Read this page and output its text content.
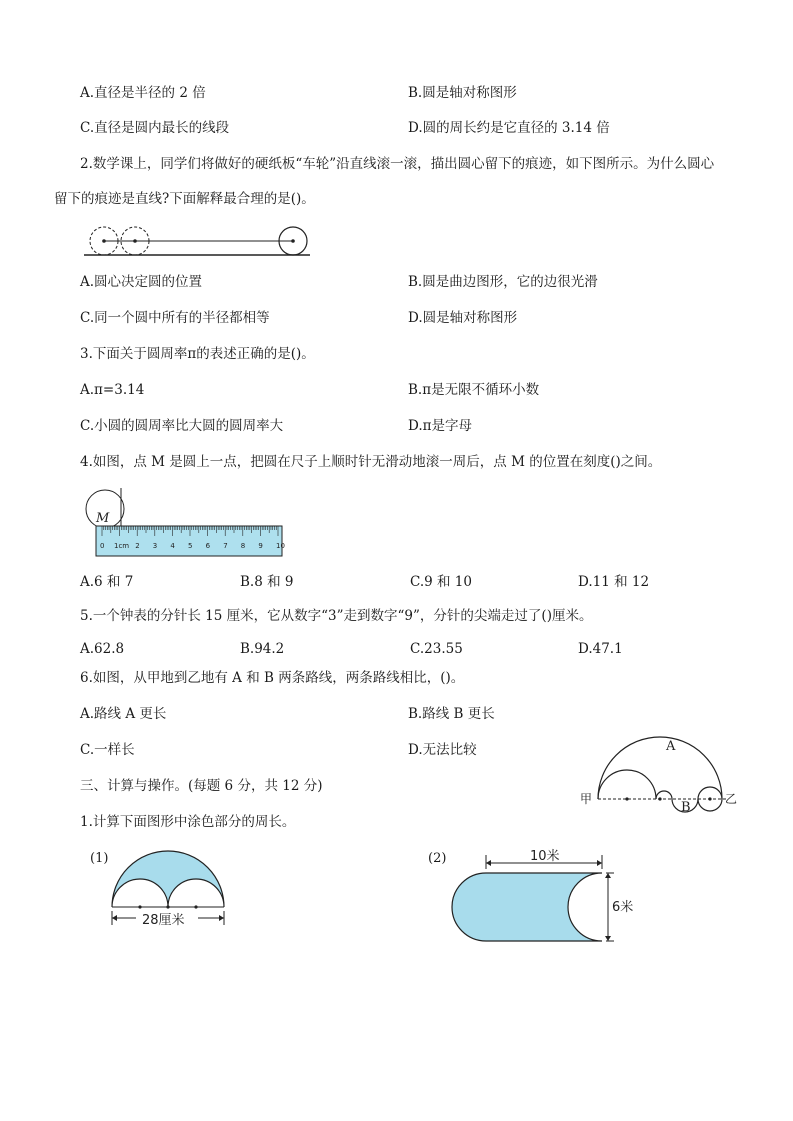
A.直径是半径的 2 倍	B.圆是轴对称图形
C.直径是圆内最长的线段	D.圆的周长约是它直径的 3.14 倍
2.数学课上，同学们将做好的硬纸板“车轮”沿直线滚一滚，描出圆心留下的痕迹，如下图所示。为什么圆心
留下的痕迹是直线?下面解释最合理的是()。
A.圆心决定圆的位置	B.圆是曲边图形，它的边很光滑
C.同一个圆中所有的半径都相等	D.圆是轴对称图形
3.下面关于圆周率π的表述正确的是()。
A.π=3.14	B.π是无限不循环小数
C.小圆的圆周率比大圆的圆周率大	D.π是字母
4.如图，点 M 是圆上一点，把圆在尺子上顺时针无滑动地滚一周后，点 M 的位置在刻度()之间。
M
0	2 3 4 5 6 7 8 9 10
1cm
A.6 和 7	B.8 和 9	C.9 和 10	D.11 和 12
5.一个钟表的分针长 15 厘米，它从数字“3”走到数字“9”，分针的尖端走过了()厘米。
A.62.8	B.94.2	C.23.55	D.47.1
6.如图，从甲地到乙地有 A 和 B 两条路线，两条路线相比，()。
A.路线 A 更长	B.路线 B 更长
C.一样长	D.无法比较	A
B
甲	乙
三、计算与操作。(每题 6 分，共 12 分)
1.计算下面图形中涂色部分的周长。
(1)
28厘米
(2)	10米
6米
